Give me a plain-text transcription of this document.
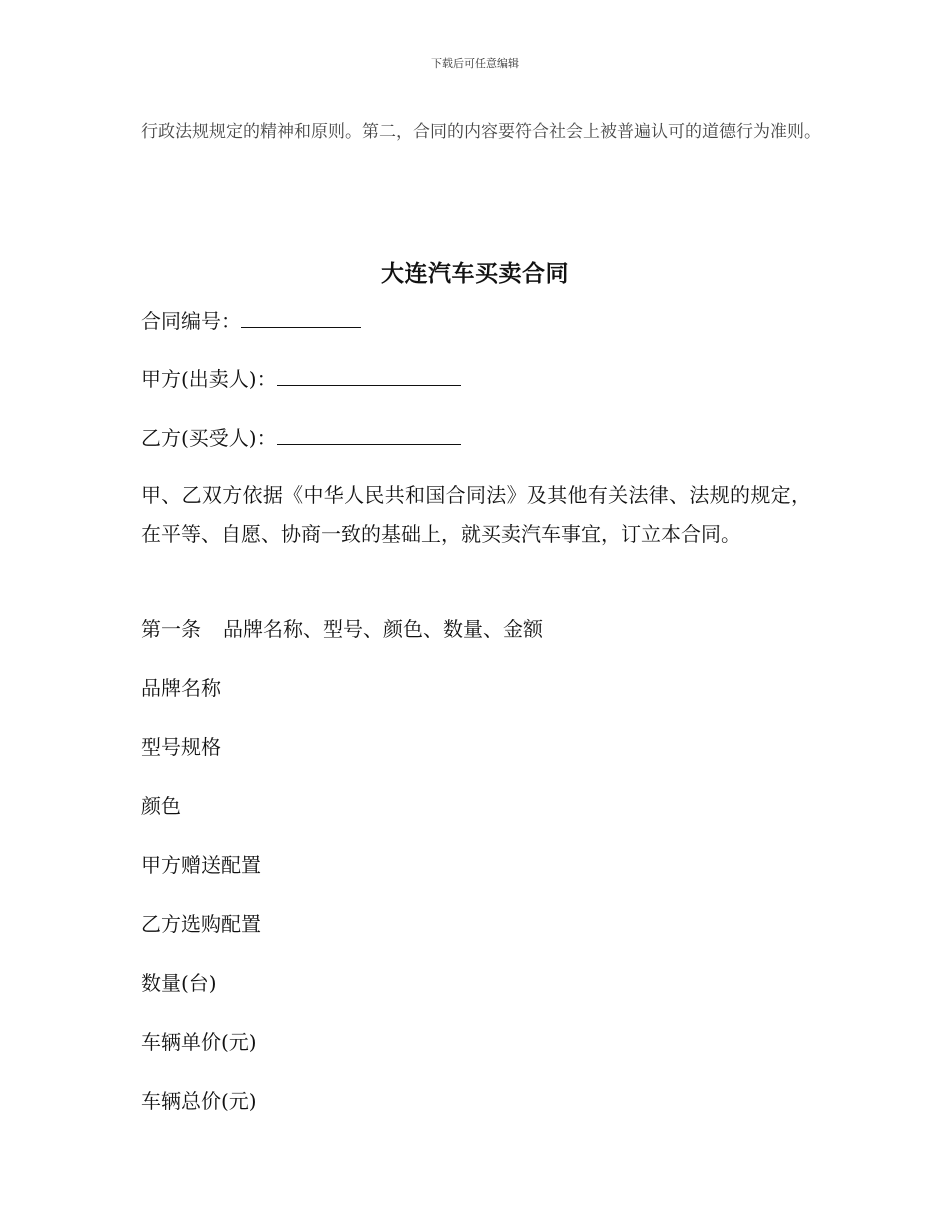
下载后可任意编辑
行政法规规定的精神和原则。第二，合同的内容要符合社会上被普遍认可的道德行为准则。
大连汽车买卖合同
合同编号：
甲方(出卖人)：
乙方(买受人)：
甲、乙双方依据《中华人民共和国合同法》及其他有关法律、法规的规定，在平等、自愿、协商一致的基础上，就买卖汽车事宜，订立本合同。
第一条 品牌名称、型号、颜色、数量、金额
品牌名称
型号规格
颜色
甲方赠送配置
乙方选购配置
数量(台)
车辆单价(元)
车辆总价(元)
